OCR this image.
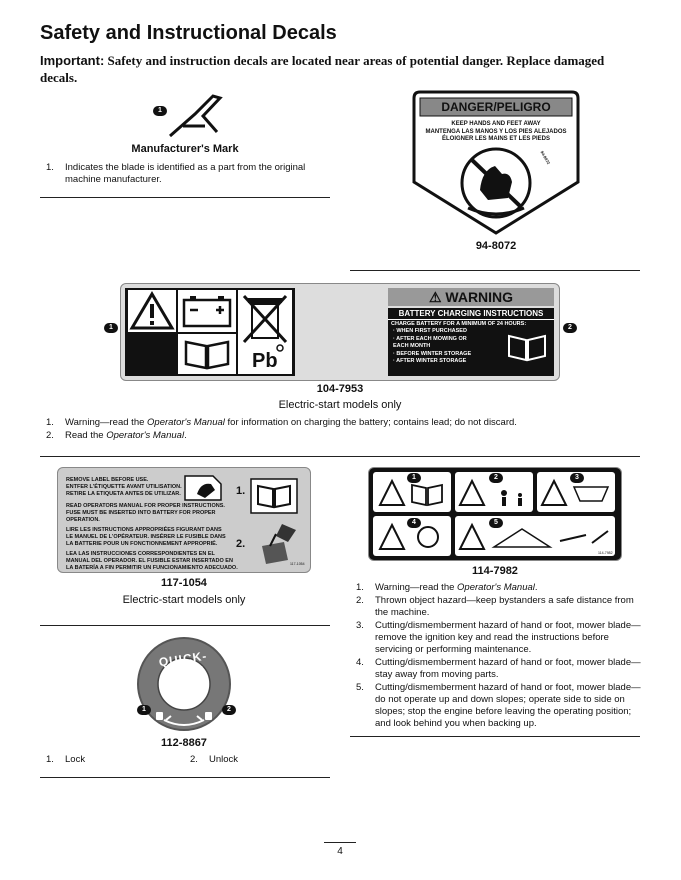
Safety and Instructional Decals
Important: Safety and instruction decals are located near areas of potential danger. Replace damaged decals.
1
Manufacturer's Mark
1.	Indicates the blade is identified as a part from the original machine manufacturer.
DANGER/PELIGRO
KEEP HANDS AND FEET AWAY
MANTENGA LAS MANOS Y LOS PIES ALEJADOS
ÉLOIGNER LES MAINS ET LES PIEDS
94-8072
94-8072
1	2
Pb
⚠ WARNING
BATTERY CHARGING INSTRUCTIONS
CHARGE BATTERY FOR A MINIMUM OF 24 HOURS:
· WHEN FIRST PURCHASED
· AFTER EACH MOWING OR
EACH MONTH
· BEFORE WINTER STORAGE
· AFTER WINTER STORAGE
104-7953
Electric-start models only
1.	Warning—read the Operator's Manual for information on charging the battery; contains lead; do not discard.
2.	Read the Operator's Manual.
REMOVE LABEL BEFORE USE.
ENTFER L'ÉTIQUETTE AVANT UTILISATION.
RETIRE LA ETIQUETA ANTES DE UTILIZAR.
READ OPERATORS MANUAL FOR PROPER INSTRUCTIONS.
FUSE MUST BE INSERTED INTO BATTERY FOR PROPER
OPERATION.
LIRE LES INSTRUCTIONS APPROPRIÉES FIGURANT DANS
LE MANUEL DE L'OPÉRATEUR. INSÉRER LE FUSIBLE DANS
LA BATTERIE POUR UN FONCTIONNEMENT APPROPRIÉ.
LEA LAS INSTRUCCIONES CORRESPONDIENTES EN EL
MANUAL DEL OPERADOR. EL FUSIBLE ESTAR INSERTADO EN
LA BATERÍA A FIN PERMITIR UN FUNCIONAMIENTO ADECUADO.
1.
2.
117-1054
117-1054
Electric-start models only
1	2	3
4	5
114-7982
114-7982
1.	Warning—read the Operator's Manual.
2.	Thrown object hazard—keep bystanders a safe distance from the machine.
3.	Cutting/dismemberment hazard of hand or foot, mower blade—remove the ignition key and read the instructions before servicing or performing maintenance.
4.	Cutting/dismemberment hazard of hand or foot, mower blade—stay away from moving parts.
5.	Cutting/dismemberment hazard of hand or foot, mower blade—do not operate up and down slopes; operate side to side on slopes; stop the engine before leaving the operating position; and look behind you when backing up.
QUICK-WASH	112-8867
1	2
112-8867
1.	Lock	2.	Unlock
4
